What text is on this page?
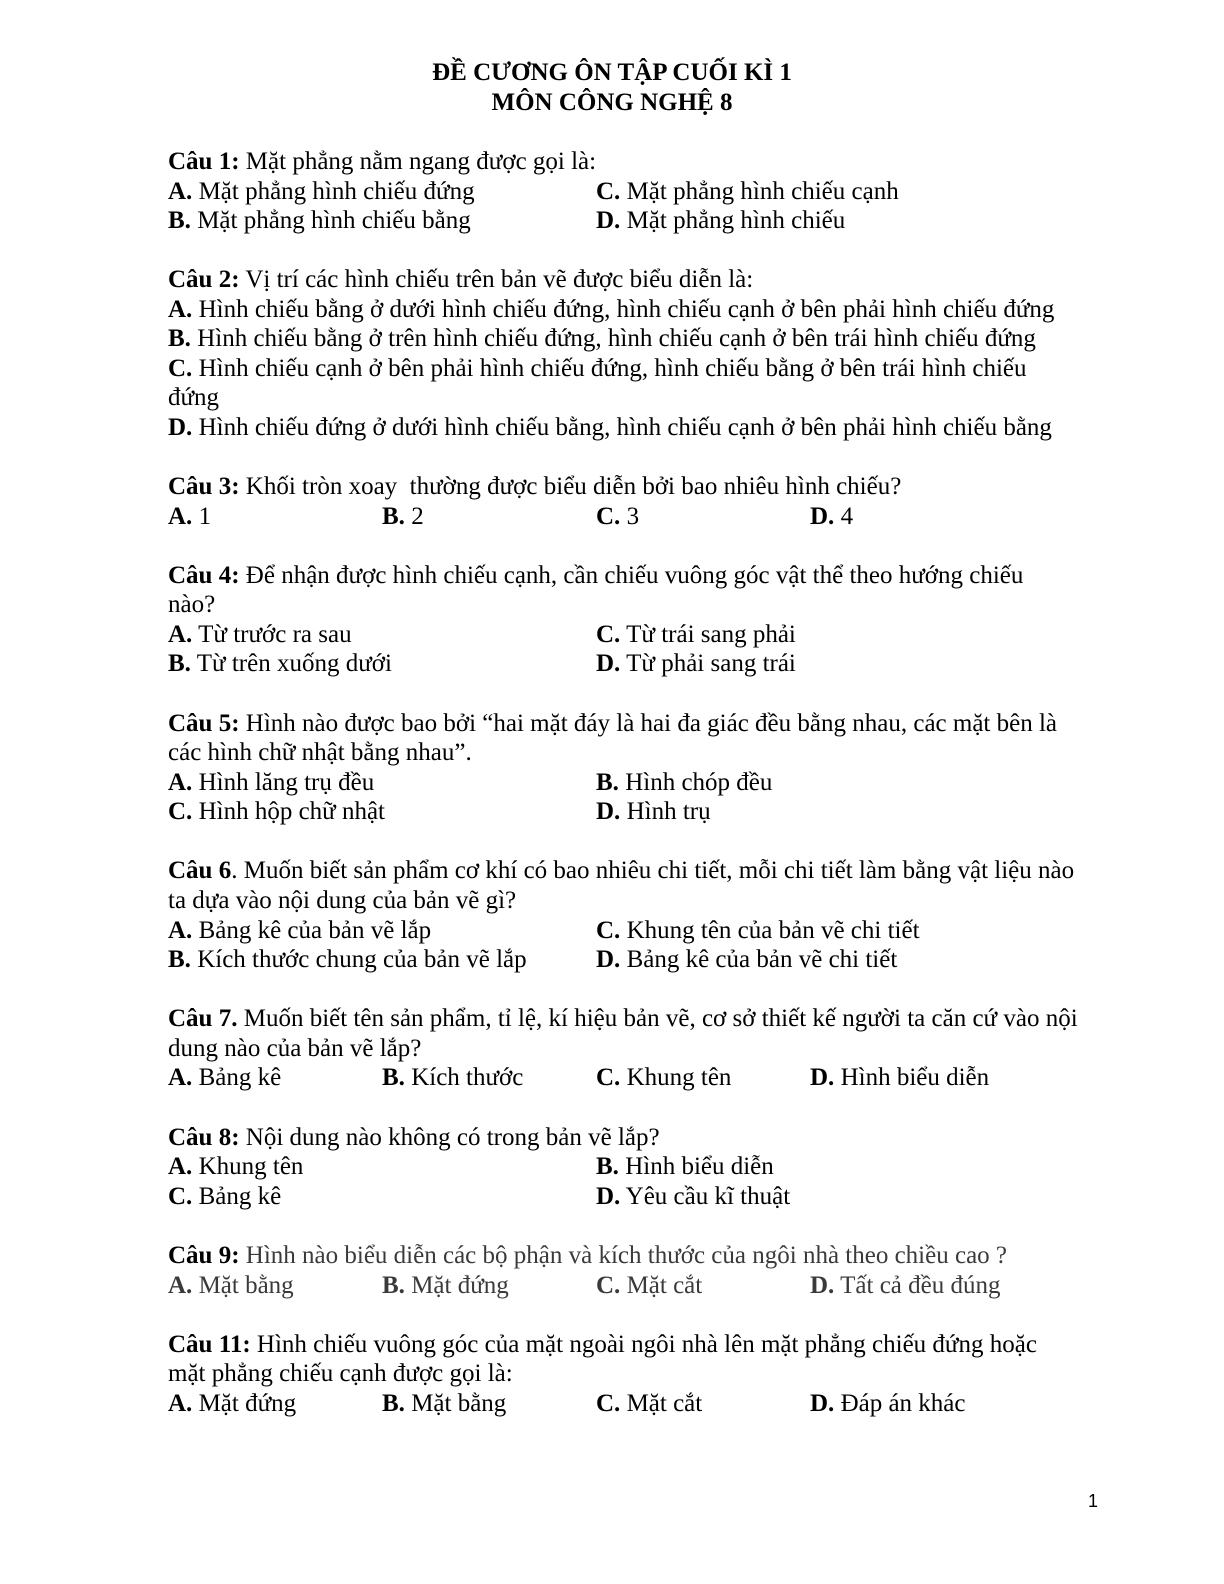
ĐỀ CƯƠNG ÔN TẬP CUỐI KÌ 1
MÔN CÔNG NGHỆ 8
Câu 1: Mặt phẳng nằm ngang được gọi là:
A. Mặt phẳng hình chiếu đứng	C. Mặt phẳng hình chiếu cạnh
B. Mặt phẳng hình chiếu bằng	D. Mặt phẳng hình chiếu
Câu 2: Vị trí các hình chiếu trên bản vẽ được biểu diễn là:
A. Hình chiếu bằng ở dưới hình chiếu đứng, hình chiếu cạnh ở bên phải hình chiếu đứng
B. Hình chiếu bằng ở trên hình chiếu đứng, hình chiếu cạnh ở bên trái hình chiếu đứng
C. Hình chiếu cạnh ở bên phải hình chiếu đứng, hình chiếu bằng ở bên trái hình chiếu
đứng
D. Hình chiếu đứng ở dưới hình chiếu bằng, hình chiếu cạnh ở bên phải hình chiếu bằng
Câu 3: Khối tròn xoay  thường được biểu diễn bởi bao nhiêu hình chiếu?
A. 1	B. 2	C. 3	D. 4
Câu 4: Để nhận được hình chiếu cạnh, cần chiếu vuông góc vật thể theo hướng chiếu
nào?
A. Từ trước ra sau	C. Từ trái sang phải
B. Từ trên xuống dưới	D. Từ phải sang trái
Câu 5: Hình nào được bao bởi “hai mặt đáy là hai đa giác đều bằng nhau, các mặt bên là
các hình chữ nhật bằng nhau”.
A. Hình lăng trụ đều	B. Hình chóp đều
C. Hình hộp chữ nhật	D. Hình trụ
Câu 6. Muốn biết sản phẩm cơ khí có bao nhiêu chi tiết, mỗi chi tiết làm bằng vật liệu nào
ta dựa vào nội dung của bản vẽ gì?
A. Bảng kê của bản vẽ lắp	C. Khung tên của bản vẽ chi tiết
B. Kích thước chung của bản vẽ lắp	D. Bảng kê của bản vẽ chi tiết
Câu 7. Muốn biết tên sản phẩm, tỉ lệ, kí hiệu bản vẽ, cơ sở thiết kế người ta căn cứ vào nội
dung nào của bản vẽ lắp?
A. Bảng kê	B. Kích thước	C. Khung tên	D. Hình biểu diễn
Câu 8: Nội dung nào không có trong bản vẽ lắp?
A. Khung tên	B. Hình biểu diễn
C. Bảng kê	D. Yêu cầu kĩ thuật
Câu 9: Hình nào biểu diễn các bộ phận và kích thước của ngôi nhà theo chiều cao ?
A. Mặt bằng	B. Mặt đứng	C. Mặt cắt	D. Tất cả đều đúng
Câu 11: Hình chiếu vuông góc của mặt ngoài ngôi nhà lên mặt phẳng chiếu đứng hoặc
mặt phẳng chiếu cạnh được gọi là:
A. Mặt đứng	B. Mặt bằng	C. Mặt cắt	D. Đáp án khác
1
